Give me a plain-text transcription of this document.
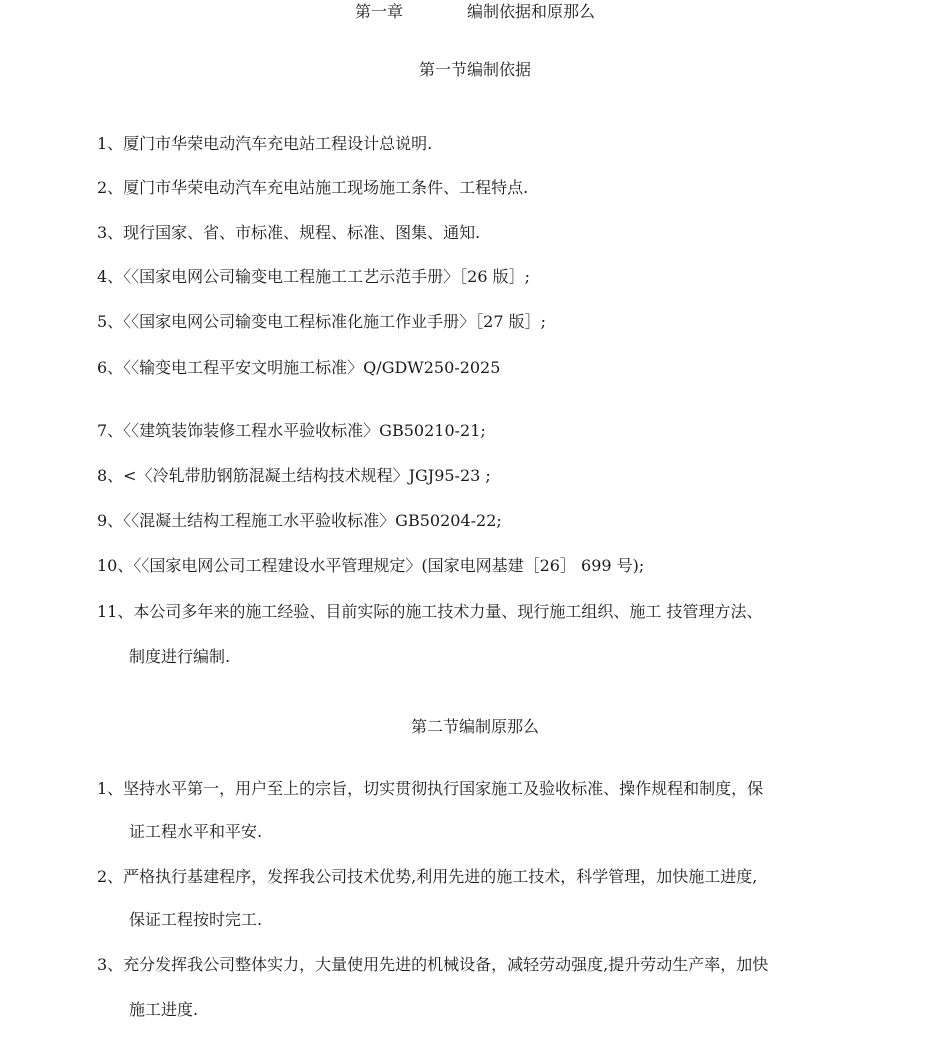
第一章	编制依据和原那么
第一节编制依据
1、厦门市华荣电动汽车充电站工程设计总说明.
2、厦门市华荣电动汽车充电站施工现场施工条件、工程特点.
3、现行国家、省、市标准、规程、标准、图集、通知.
4、〈〈国家电网公司输变电工程施工工艺示范手册〉［26 版］;
5、〈〈国家电网公司输变电工程标准化施工作业手册〉［27 版］;
6、〈〈输变电工程平安文明施工标准〉Q/GDW250-2025
7、〈〈建筑装饰装修工程水平验收标准〉GB50210-21;
8、<〈冷轧带肋钢筋混凝土结构技术规程〉JGJ95-23 ;
9、〈〈混凝土结构工程施工水平验收标准〉GB50204-22;
10、〈〈国家电网公司工程建设水平管理规定〉(国家电网基建［26］ 699 号);
11、本公司多年来的施工经验、目前实际的施工技术力量、现行施工组织、施工 技管理方法、
制度进行编制.
第二节编制原那么
1、坚持水平第一，用户至上的宗旨，切实贯彻执行国家施工及验收标准、操作规程和制度，保
证工程水平和平安.
2、严格执行基建程序，发挥我公司技术优势,利用先进的施工技术，科学管理，加快施工进度,
保证工程按时完工.
3、充分发挥我公司整体实力，大量使用先进的机械设备，减轻劳动强度,提升劳动生产率，加快
施工进度.
